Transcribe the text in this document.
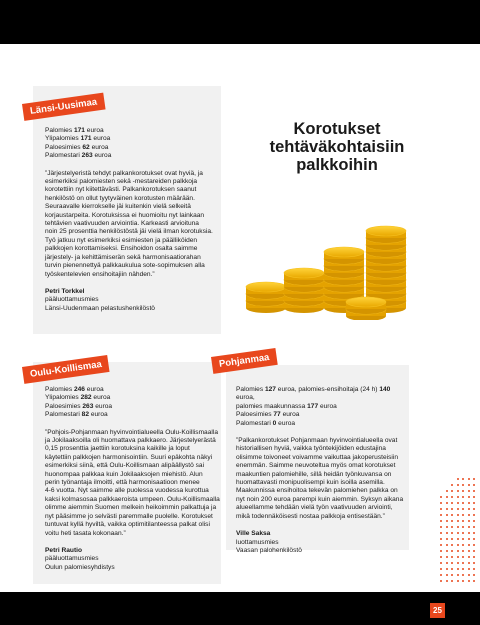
Länsi-Uusimaa
Palomies 171 euroa
Ylipalomies 171 euroa
Paloesimies 62 euroa
Palomestari 263 euroa
”Järjestelyeristä tehdyt palkankorotukset ovat hyviä, ja
esimerkiksi palomiesten sekä -mestareiden palkkoja
korotettiin nyt kiitettävästi. Palkankorotuksen saanut
henkilöstö on ollut tyytyväinen korotusten määrään.
Seuraavalle kierrokselle jäi kuitenkin vielä selkeitä
korjaustarpeita. Korotuksissa ei huomioitu nyt lainkaan
tehtävien vaativuuden arviointia. Karkeasti arvioituna
noin 25 prosenttia henkilöstöstä jäi vielä ilman korotuksia.
Työ jatkuu nyt esimerkiksi esimiesten ja päälliköiden
palkkojen korottamiseksi. Ensihoidon osalta saimme
järjestely- ja kehittämiserän sekä harmonisaatiorahan
turvin pienennettyä palkkaukulua sote-sopimuksen alla
työskentelevien ensihoitajiin nähden.”
Petri Torkkel
pääluottamusmies
Länsi-Uudenmaan pelastushenkilöstö
Korotukset
tehtäväkohtaisiin
palkkoihin
Oulu-Koillismaa
Palomies 246 euroa
Ylipalomies 282 euroa
Paloesimies 263 euroa
Palomestari 82 euroa
”Pohjois-Pohjanmaan hyvinvointialueella Oulu-Koillismaalla
ja Jokilaaksoilla oli huomattava palkkaero. Järjestelyerästä
0,15 prosenttia jaettiin korotuksina kaikille ja loput
käytettiin palkkojen harmonisointiin. Suuri epäkohta näkyi
esimerkiksi siinä, että Oulu-Koillismaan alipäällystö sai
huonompaa palkkaa kuin Jokilaaksojen miehistö. Alun
perin työnantaja ilmoitti, että harmonisaatioon menee
4-6 vuotta. Nyt saimme alle puolessa vuodessa kurottua
kaksi kolmasosaa palkkaeroista umpeen. Oulu-Koillismaalla
olimme aiemmin Suomen melkein heikoimmin palkattuja ja
nyt pääsimme jo selvästi paremmalle puolelle. Korotukset
tuntuvat kyllä hyviltä, vaikka optimitilanteessa palkat olisi
voitu heti tasata kokonaan.”
Petri Rautio
pääluottamusmies
Oulun palomiesyhdistys
Pohjanmaa
Palomies 127 euroa, palomies-ensihoitaja (24 h) 140 euroa,
palomies maakunnassa 177 euroa
Paloesimies 77 euroa
Palomestari 0 euroa
”Palkankorotukset Pohjanmaan hyvinvointialueella ovat
historiallisen hyviä, vaikka työntekijöiden edustajina
olisimme toivoneet voivamme vaikuttaa jakoperusteisiin
enemmän. Saimme neuvoteltua myös omat korotukset
maakuntien palomiehille, sillä heidän työnkuvansa on
huomattavasti monipuolisempi kuin isoilla asemilla.
Maakunnissa ensihoitoa tekevän palomiehen palkka on
nyt noin 200 euroa parempi kuin aiemmin. Syksyn aikana
alueellamme tehdään vielä työn vaativuuden arviointi,
mikä todennäköisesti nostaa palkkoja entisestään.”
Ville Saksa
luottamusmies
Vaasan palohenkilöstö
25
